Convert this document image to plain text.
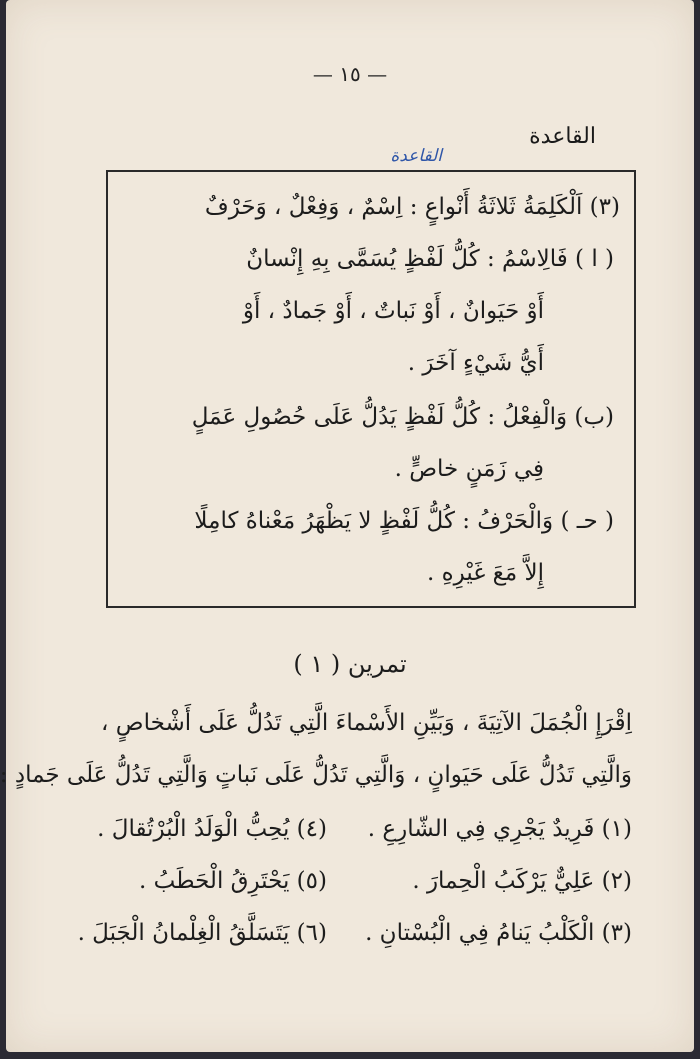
— ١٥ —
القاعدة
القاعدة
(٣) اَلْكَلِمَةُ ثَلاثَةُ أَنْواعٍ : اِسْمٌ ، وَفِعْلٌ ، وَحَرْفٌ
( ا ) فَالِاسْمُ : كُلُّ لَفْظٍ يُسَمَّى بِهِ إِنْسانٌ
أَوْ حَيَوانٌ ، أَوْ نَباتٌ ، أَوْ جَمادٌ ، أَوْ
أَيُّ شَيْءٍ آخَرَ .
(ب) وَالْفِعْلُ : كُلُّ لَفْظٍ يَدُلُّ عَلَى حُصُولِ عَمَلٍ
فِي زَمَنٍ خاصٍّ .
( حـ ) وَالْحَرْفُ : كُلُّ لَفْظٍ لا يَظْهَرُ مَعْناهُ كامِلًا
إِلاَّ مَعَ غَيْرِهِ .
تمرين ( ١ )
اِقْرَإِ الْجُمَلَ الآتِيَةَ ، وَبَيِّنِ الأَسْماءَ الَّتِي تَدُلُّ عَلَى أَشْخاصٍ ،
وَالَّتِي تَدُلُّ عَلَى حَيَوانٍ ، وَالَّتِي تَدُلُّ عَلَى نَباتٍ وَالَّتِي تَدُلُّ عَلَى جَمادٍ :
(١) فَرِيدٌ يَجْرِي فِي الشّارِعِ .
(٤) يُحِبُّ الْوَلَدُ الْبُرْتُقالَ .
(٢) عَلِيٌّ يَرْكَبُ الْحِمارَ .
(٥) يَحْتَرِقُ الْحَطَبُ .
(٣) الْكَلْبُ يَنامُ فِي الْبُسْتانِ .
(٦) يَتَسَلَّقُ الْغِلْمانُ الْجَبَلَ .
